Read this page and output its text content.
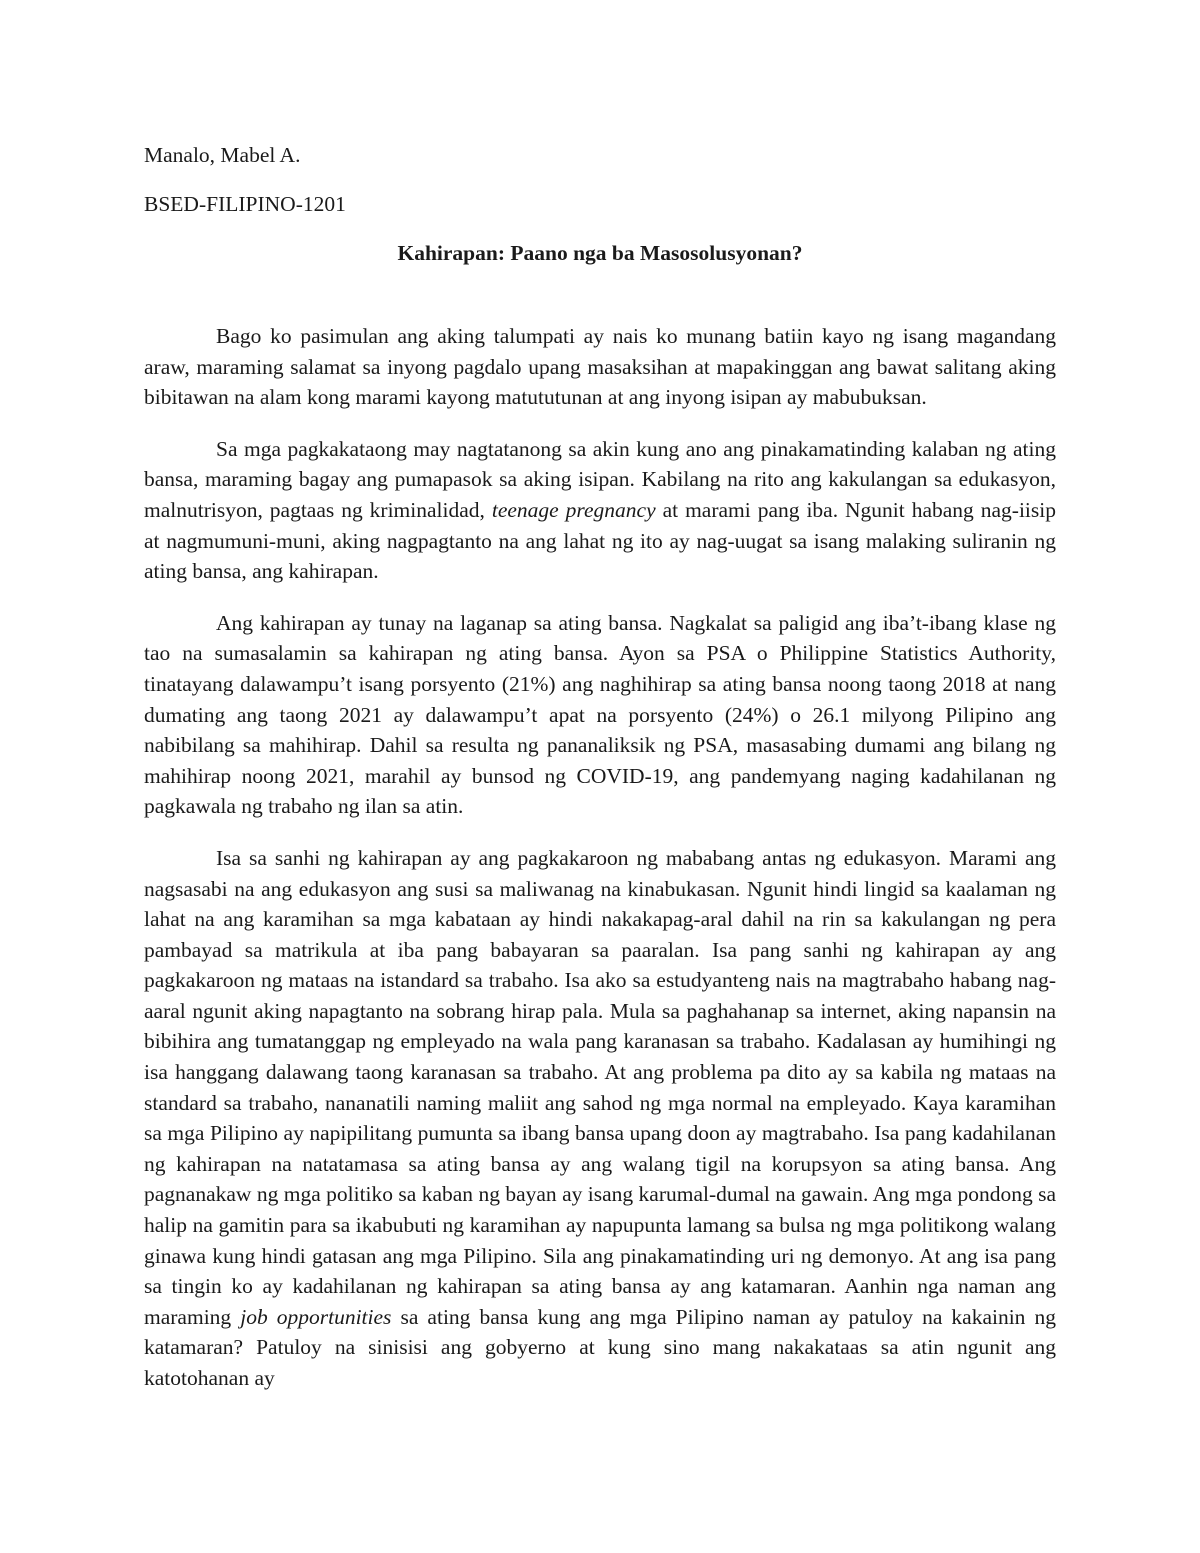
Manalo, Mabel A.

BSED-FILIPINO-1201

Kahirapan: Paano nga ba Masosolusyonan?

Bago ko pasimulan ang aking talumpati ay nais ko munang batiin kayo ng isang magandang araw, maraming salamat sa inyong pagdalo upang masaksihan at mapakinggan ang bawat salitang aking bibitawan na alam kong marami kayong matututunan at ang inyong isipan ay mabubuksan.

Sa mga pagkakataong may nagtatanong sa akin kung ano ang pinakamatinding kalaban ng ating bansa, maraming bagay ang pumapasok sa aking isipan. Kabilang na rito ang kakulangan sa edukasyon, malnutrisyon, pagtaas ng kriminalidad, teenage pregnancy at marami pang iba. Ngunit habang nag-iisip at nagmumuni-muni, aking nagpagtanto na ang lahat ng ito ay nag-uugat sa isang malaking suliranin ng ating bansa, ang kahirapan.

Ang kahirapan ay tunay na laganap sa ating bansa. Nagkalat sa paligid ang iba’t-ibang klase ng tao na sumasalamin sa kahirapan ng ating bansa. Ayon sa PSA o Philippine Statistics Authority, tinatayang dalawampu’t isang porsyento (21%) ang naghihirap sa ating bansa noong taong 2018 at nang dumating ang taong 2021 ay dalawampu’t apat na porsyento (24%) o 26.1 milyong Pilipino ang nabibilang sa mahihirap. Dahil sa resulta ng pananaliksik ng PSA, masasabing dumami ang bilang ng mahihirap noong 2021, marahil ay bunsod ng COVID-19, ang pandemyang naging kadahilanan ng pagkawala ng trabaho ng ilan sa atin.

Isa sa sanhi ng kahirapan ay ang pagkakaroon ng mababang antas ng edukasyon. Marami ang nagsasabi na ang edukasyon ang susi sa maliwanag na kinabukasan. Ngunit hindi lingid sa kaalaman ng lahat na ang karamihan sa mga kabataan ay hindi nakakapag-aral dahil na rin sa kakulangan ng pera pambayad sa matrikula at iba pang babayaran sa paaralan. Isa pang sanhi ng kahirapan ay ang pagkakaroon ng mataas na istandard sa trabaho. Isa ako sa estudyanteng nais na magtrabaho habang nag-aaral ngunit aking napagtanto na sobrang hirap pala. Mula sa paghahanap sa internet, aking napansin na bibihira ang tumatanggap ng empleyado na wala pang karanasan sa trabaho. Kadalasan ay humihingi ng isa hanggang dalawang taong karanasan sa trabaho. At ang problema pa dito ay sa kabila ng mataas na standard sa trabaho, nananatili naming maliit ang sahod ng mga normal na empleyado. Kaya karamihan sa mga Pilipino ay napipilitang pumunta sa ibang bansa upang doon ay magtrabaho. Isa pang kadahilanan ng kahirapan na natatamasa sa ating bansa ay ang walang tigil na korupsyon sa ating bansa. Ang pagnanakaw ng mga politiko sa kaban ng bayan ay isang karumal-dumal na gawain. Ang mga pondong sa halip na gamitin para sa ikabubuti ng karamihan ay napupunta lamang sa bulsa ng mga politikong walang ginawa kung hindi gatasan ang mga Pilipino. Sila ang pinakamatinding uri ng demonyo. At ang isa pang sa tingin ko ay kadahilanan ng kahirapan sa ating bansa ay ang katamaran. Aanhin nga naman ang maraming job opportunities sa ating bansa kung ang mga Pilipino naman ay patuloy na kakainin ng katamaran? Patuloy na sinisisi ang gobyerno at kung sino mang nakakataas sa atin ngunit ang katotohanan ay
